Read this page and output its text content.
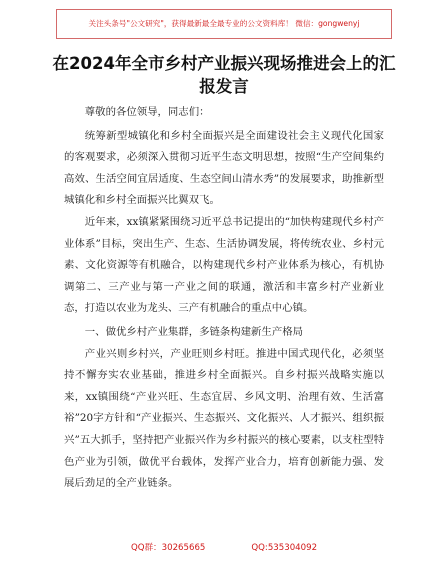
关注头条号"公文研究"，获得最新最全最专业的公文资料库！ 微信：gongwenyj
在2024年全市乡村产业振兴现场推进会上的汇报发言

尊敬的各位领导，同志们：

统筹新型城镇化和乡村全面振兴是全面建设社会主义现代化国家的客观要求，必须深入贯彻习近平生态文明思想，按照“生产空间集约高效、生活空间宜居适度、生态空间山清水秀”的发展要求，助推新型城镇化和乡村全面振兴比翼双飞。

近年来，xx镇紧紧围绕习近平总书记提出的“加快构建现代乡村产业体系”目标，突出生产、生态、生活协调发展，将传统农业、乡村元素、文化资源等有机融合，以构建现代乡村产业体系为核心，有机协调第二、三产业与第一产业之间的联通，激活和丰富乡村产业新业态，打造以农业为龙头、三产有机融合的重点中心镇。

一、做优乡村产业集群，多链条构建新生产格局

产业兴则乡村兴，产业旺则乡村旺。推进中国式现代化，必须坚持不懈夯实农业基础，推进乡村全面振兴。自乡村振兴战略实施以来，xx镇围绕“产业兴旺、生态宜居、乡风文明、治理有效、生活富裕”20字方针和“产业振兴、生态振兴、文化振兴、人才振兴、组织振兴”五大抓手，坚持把产业振兴作为乡村振兴的核心要素，以支柱型特色产业为引领，做优平台载体，发挥产业合力，培育创新能力强、发展后劲足的全产业链条。

QQ群：30265665	QQ:535304092
